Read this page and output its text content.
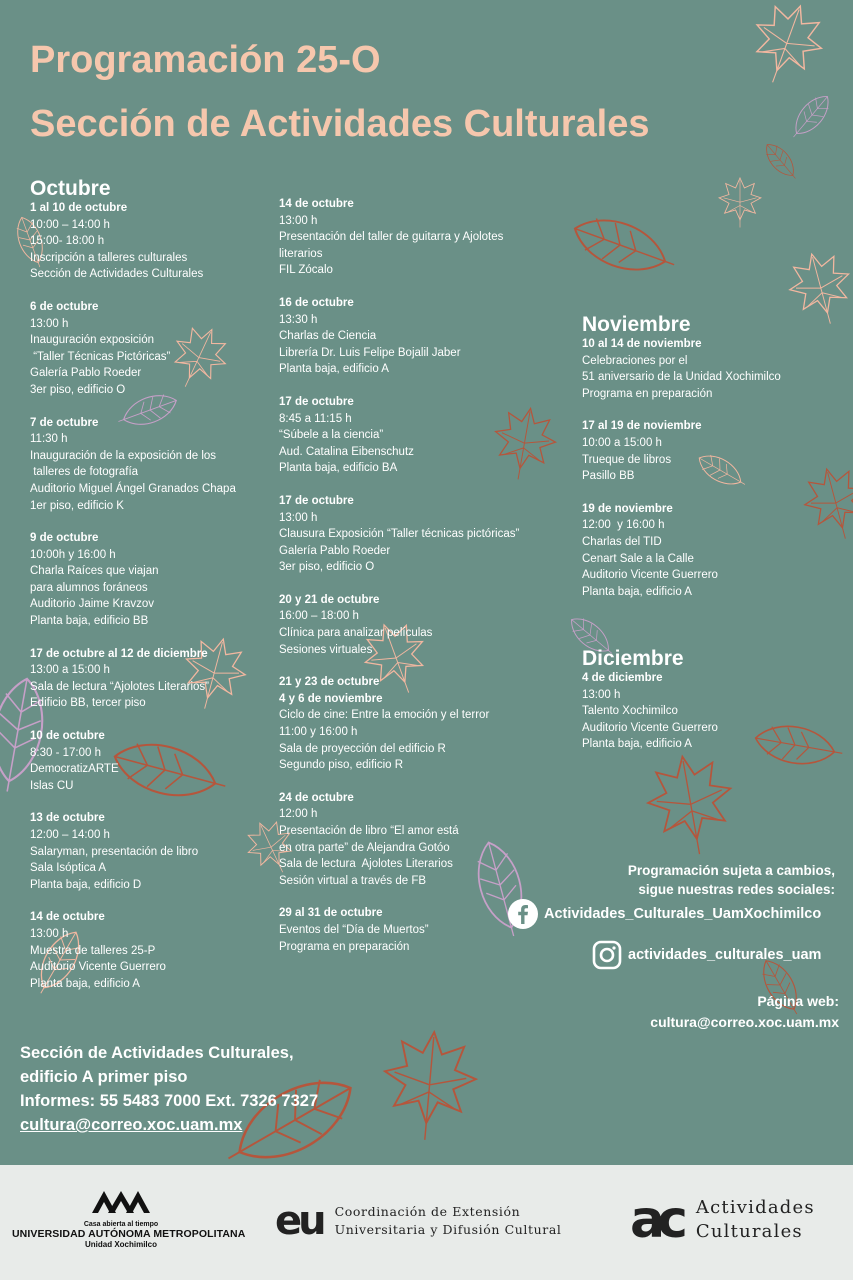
Programación 25-O
Sección de Actividades Culturales
Octubre
1 al 10 de octubre
10:00 – 14:00 h
15:00- 18:00 h
Inscripción a talleres culturales
Sección de Actividades Culturales
6 de octubre
13:00 h
Inauguración exposición
“Taller Técnicas Pictóricas”
Galería Pablo Roeder
3er piso, edificio O
7 de octubre
11:30 h
Inauguración de la exposición de los
talleres de fotografía
Auditorio Miguel Ángel Granados Chapa
1er piso, edificio K
9 de octubre
10:00h y 16:00 h
Charla Raíces que viajan
para alumnos foráneos
Auditorio Jaime Kravzov
Planta baja, edificio BB
17 de octubre al 12 de diciembre
13:00 a 15:00 h
Sala de lectura “Ajolotes Literarios”
Edificio BB, tercer piso
10 de octubre
8:30 - 17:00 h
DemocratizARTE
Islas CU
13 de octubre
12:00 – 14:00 h
Salaryman, presentación de libro
Sala Isóptica A
Planta baja, edificio D
14 de octubre
13:00 h
Muestra de talleres 25-P
Auditorio Vicente Guerrero
Planta baja, edificio A
14 de octubre
13:00 h
Presentación del taller de guitarra y Ajolotes
literarios
FIL Zócalo
16 de octubre
13:30 h
Charlas de Ciencia
Librería Dr. Luis Felipe Bojalil Jaber
Planta baja, edificio A
17 de octubre
8:45 a 11:15 h
“Súbele a la ciencia”
Aud. Catalina Eibenschutz
Planta baja, edificio BA
17 de octubre
13:00 h
Clausura Exposición “Taller técnicas pictóricas”
Galería Pablo Roeder
3er piso, edificio O
20 y 21 de octubre
16:00 – 18:00 h
Clínica para analizar películas
Sesiones virtuales
21 y 23 de octubre
4 y 6 de noviembre
Ciclo de cine: Entre la emoción y el terror
11:00 y 16:00 h
Sala de proyección del edificio R
Segundo piso, edificio R
24 de octubre
12:00 h
Presentación de libro “El amor está
en otra parte” de Alejandra Gotóo
Sala de lectura  Ajolotes Literarios
Sesión virtual a través de FB
29 al 31 de octubre
Eventos del “Día de Muertos”
Programa en preparación
Noviembre
10 al 14 de noviembre
Celebraciones por el
51 aniversario de la Unidad Xochimilco
Programa en preparación
17 al 19 de noviembre
10:00 a 15:00 h
Trueque de libros
Pasillo BB
19 de noviembre
12:00  y 16:00 h
Charlas del TID
Cenart Sale a la Calle
Auditorio Vicente Guerrero
Planta baja, edificio A
Diciembre
4 de diciembre
13:00 h
Talento Xochimilco
Auditorio Vicente Guerrero
Planta baja, edificio A
Programación sujeta a cambios,
sigue nuestras redes sociales:
Actividades_Culturales_UamXochimilco
actividades_culturales_uam
Página web:
cultura@correo.xoc.uam.mx
Sección de Actividades Culturales,
edificio A primer piso
Informes: 55 5483 7000 Ext. 7326 7327
cultura@correo.xoc.uam.mx
Casa abierta al tiempo
UNIVERSIDAD AUTÓNOMA METROPOLITANA
Unidad Xochimilco
eu Coordinación de Extensión
Universitaria y Difusión Cultural ac Actividades
Culturales
